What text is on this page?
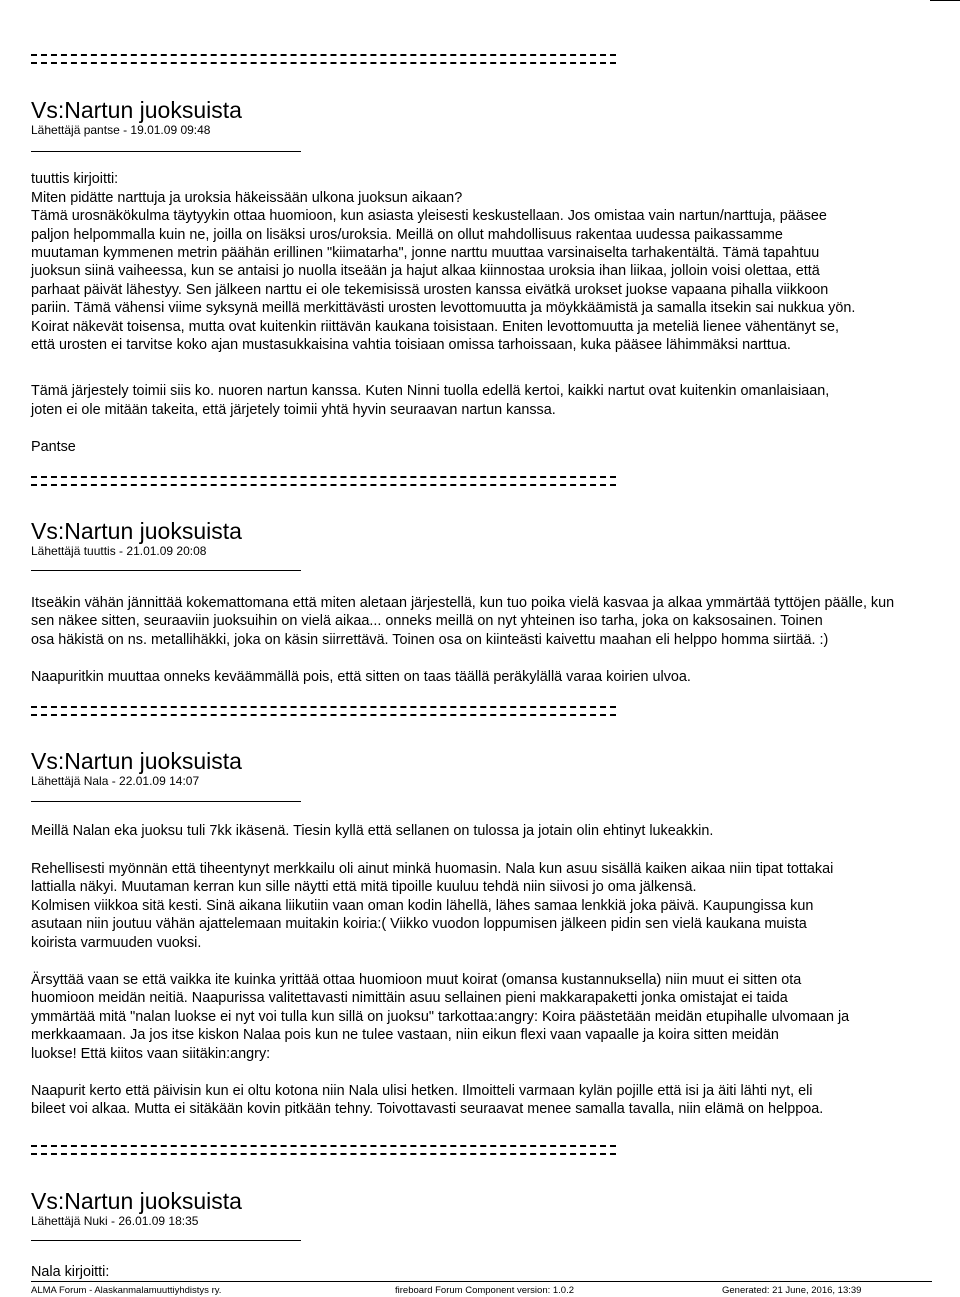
Vs:Nartun juoksuista
Lähettäjä pantse - 19.01.09 09:48
tuuttis kirjoitti:
Miten pidätte narttuja ja uroksia häkeissään ulkona juoksun aikaan?
Tämä urosnäkökulma täytyykin ottaa huomioon, kun asiasta yleisesti keskustellaan. Jos omistaa vain nartun/narttuja, pääsee
paljon helpommalla kuin ne, joilla on lisäksi uros/uroksia. Meillä on ollut mahdollisuus rakentaa uudessa paikassamme
muutaman kymmenen metrin päähän erillinen "kiimatarha", jonne narttu muuttaa varsinaiselta tarhakentältä. Tämä tapahtuu
juoksun siinä vaiheessa, kun se antaisi jo nuolla itseään ja hajut alkaa kiinnostaa uroksia ihan liikaa, jolloin voisi olettaa, että
parhaat päivät lähestyy. Sen jälkeen narttu ei ole tekemisissä urosten kanssa eivätkä urokset juokse vapaana pihalla viikkoon
pariin. Tämä vähensi viime syksynä meillä merkittävästi urosten levottomuutta ja möykkäämistä ja samalla itsekin sai nukkua yön.
Koirat näkevät toisensa, mutta ovat kuitenkin riittävän kaukana toisistaan. Eniten levottomuutta ja meteliä lienee vähentänyt se,
että urosten ei tarvitse koko ajan mustasukkaisina vahtia toisiaan omissa tarhoissaan, kuka pääsee lähimmäksi narttua.
Tämä järjestely toimii siis ko. nuoren nartun kanssa. Kuten Ninni tuolla edellä kertoi, kaikki nartut ovat kuitenkin omanlaisiaan,
joten ei ole mitään takeita, että järjetely toimii yhtä hyvin seuraavan nartun kanssa.
Pantse
Vs:Nartun juoksuista
Lähettäjä tuuttis - 21.01.09 20:08
Itseäkin vähän jännittää kokemattomana että miten aletaan järjestellä, kun tuo poika vielä kasvaa ja alkaa ymmärtää tyttöjen päälle, kun
sen näkee sitten, seuraaviin juoksuihin on vielä aikaa... onneks meillä on nyt yhteinen iso tarha, joka on kaksosainen. Toinen
osa häkistä on ns. metallihäkki, joka on käsin siirrettävä. Toinen osa on kiinteästi kaivettu maahan eli helppo homma siirtää. :)
Naapuritkin muuttaa onneks keväämmällä pois, että sitten on taas täällä peräkylällä varaa koirien ulvoa.
Vs:Nartun juoksuista
Lähettäjä Nala - 22.01.09 14:07
Meillä Nalan eka juoksu tuli 7kk ikäsenä. Tiesin kyllä että sellanen on tulossa ja jotain olin ehtinyt lukeakkin.
Rehellisesti myönnän että tiheentynyt merkkailu oli ainut minkä huomasin. Nala kun asuu sisällä kaiken aikaa niin tipat tottakai
lattialla näkyi. Muutaman kerran kun sille näytti että mitä tipoille kuuluu tehdä niin siivosi jo oma jälkensä.
Kolmisen viikkoa sitä kesti. Sinä aikana liikutiin vaan oman kodin lähellä, lähes samaa lenkkiä joka päivä. Kaupungissa kun
asutaan niin joutuu vähän ajattelemaan muitakin koiria:( Viikko vuodon loppumisen jälkeen pidin sen vielä kaukana muista
koirista varmuuden vuoksi.
Ärsyttää vaan se että vaikka ite kuinka yrittää ottaa huomioon muut koirat (omansa kustannuksella) niin muut ei sitten ota
huomioon meidän neitiä. Naapurissa valitettavasti nimittäin asuu sellainen pieni makkarapaketti jonka omistajat ei taida
ymmärtää mitä "nalan luokse ei nyt voi tulla kun sillä on juoksu" tarkottaa:angry: Koira päästetään meidän etupihalle ulvomaan ja
merkkaamaan. Ja jos itse kiskon Nalaa pois kun ne tulee vastaan, niin eikun flexi vaan vapaalle ja koira sitten meidän
luokse! Että kiitos vaan siitäkin:angry:
Naapurit kerto että päivisin kun ei oltu kotona niin Nala ulisi hetken. Ilmoitteli varmaan kylän pojille että isi ja äiti lähti nyt, eli
bileet voi alkaa. Mutta ei sitäkään kovin pitkään tehny. Toivottavasti seuraavat menee samalla tavalla, niin elämä on helppoa.
Vs:Nartun juoksuista
Lähettäjä Nuki - 26.01.09 18:35
Nala kirjoitti:
ALMA Forum - Alaskanmalamuuttiyhdistys ry.	fireboard Forum Component version: 1.0.2	Generated: 21 June, 2016, 13:39
